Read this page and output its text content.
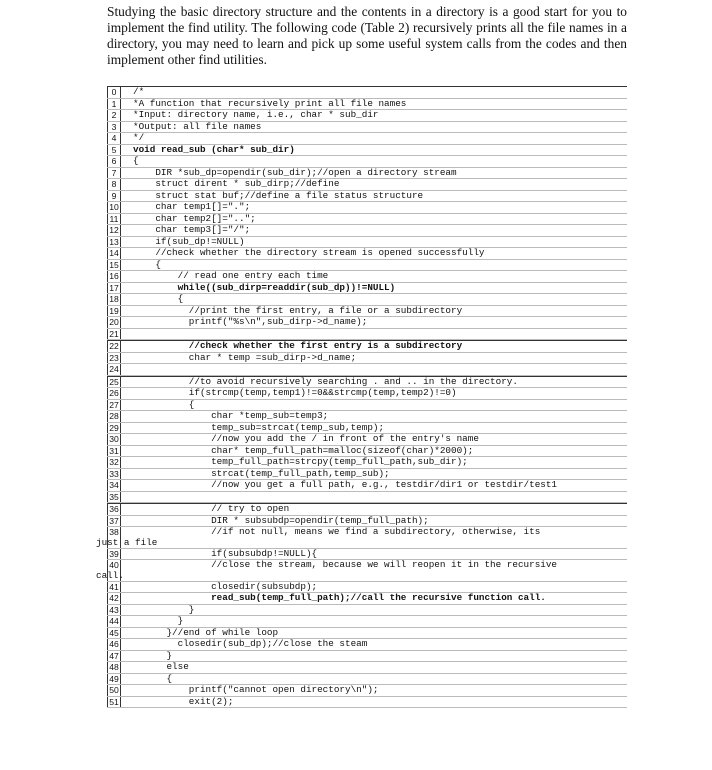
Studying the basic directory structure and the contents in a directory is a good start for you to implement the find utility. The following code (Table 2) recursively prints all the file names in a directory, you may need to learn and pick up some useful system calls from the codes and then implement other find utilities.

0	/*
1	*A function that recursively print all file names
2	*Input: directory name, i.e., char * sub_dir
3	*Output: all file names
4	*/
5	void read_sub (char* sub_dir)
6	{
7	DIR *sub_dp=opendir(sub_dir);//open a directory stream
8	struct dirent * sub_dirp;//define
9	struct stat buf;//define a file status structure
10	char temp1[]=".";
11	char temp2[]="..";
12	char temp3[]="/";
13	if(sub_dp!=NULL)
14	//check whether the directory stream is opened successfully
15	{
16	// read one entry each time
17	while((sub_dirp=readdir(sub_dp))!=NULL)
18	{
19	//print the first entry, a file or a subdirectory
20	printf("%s\n",sub_dirp->d_name);
21
22	//check whether the first entry is a subdirectory
23	char * temp =sub_dirp->d_name;
24
25	//to avoid recursively searching . and .. in the directory.
26	if(strcmp(temp,temp1)!=0&&strcmp(temp,temp2)!=0)
27	{
28	char *temp_sub=temp3;
29	temp_sub=strcat(temp_sub,temp);
30	//now you add the / in front of the entry's name
31	char* temp_full_path=malloc(sizeof(char)*2000);
32	temp_full_path=strcpy(temp_full_path,sub_dir);
33	strcat(temp_full_path,temp_sub);
34	//now you get a full path, e.g., testdir/dir1 or testdir/test1
35
36	// try to open
37	DIR * subsubdp=opendir(temp_full_path);
38 //if not null, means we find a subdirectory, otherwise, its
just a file
39	if(subsubdp!=NULL){
40 //close the stream, because we will reopen it in the recursive
call.
41	closedir(subsubdp);
42	read_sub(temp_full_path);//call the recursive function call.
43	}
44	}
45	}//end of while loop
46	closedir(sub_dp);//close the steam
47	}
48	else
49	{
50	printf("cannot open directory\n");
51	exit(2);
